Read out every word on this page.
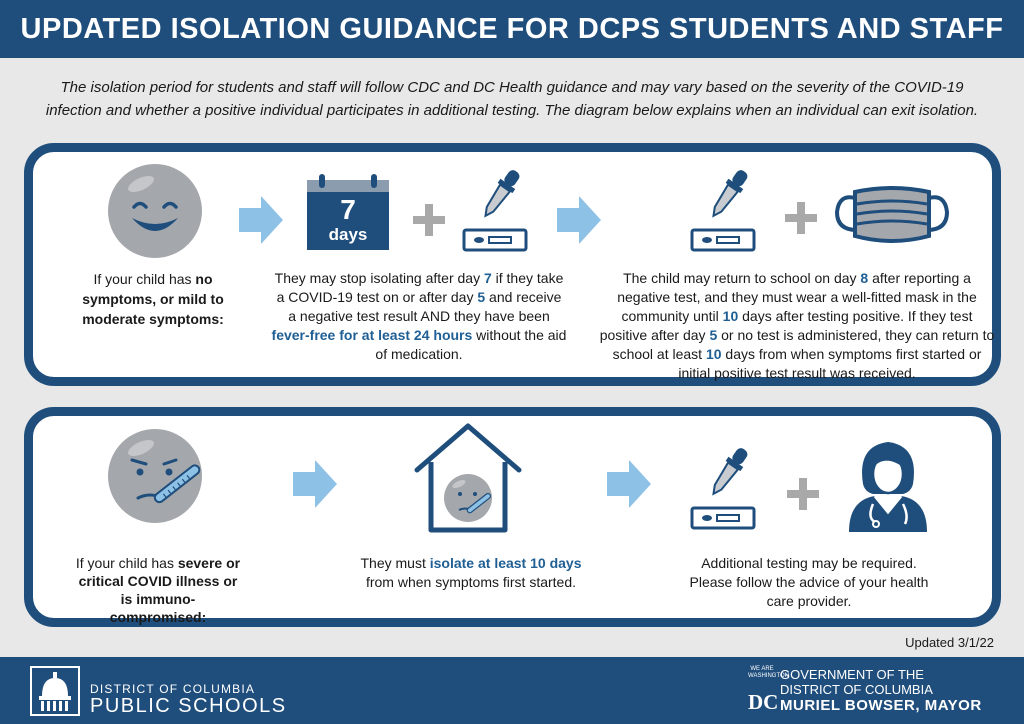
UPDATED ISOLATION GUIDANCE FOR DCPS STUDENTS AND STAFF
The isolation period for students and staff will follow CDC and DC Health guidance and may vary based on the severity of the COVID-19
infection and whether a positive individual participates in additional testing. The diagram below explains when an individual can exit isolation.
7
days
If your child has no symptoms, or mild to moderate symptoms:
They may stop isolating after day 7 if they take a COVID-19 test on or after day 5 and receive a negative test result AND they have been fever-free for at least 24 hours without the aid of medication.
The child may return to school on day 8 after reporting a negative test, and they must wear a well-fitted mask in the community until 10 days after testing positive. If they test positive after day 5 or no test is administered, they can return to school at least 10 days from when symptoms first started or initial positive test result was received.
If your child has severe or critical COVID illness or is immuno-compromised:
They must isolate at least 10 days from when symptoms first started.
Additional testing may be required. Please follow the advice of your health care provider.
Updated 3/1/22
DISTRICT OF COLUMBIA
PUBLIC SCHOOLS
WE ARE WASHINGTON
DC
GOVERNMENT OF THE
DISTRICT OF COLUMBIA
MURIEL BOWSER, MAYOR
